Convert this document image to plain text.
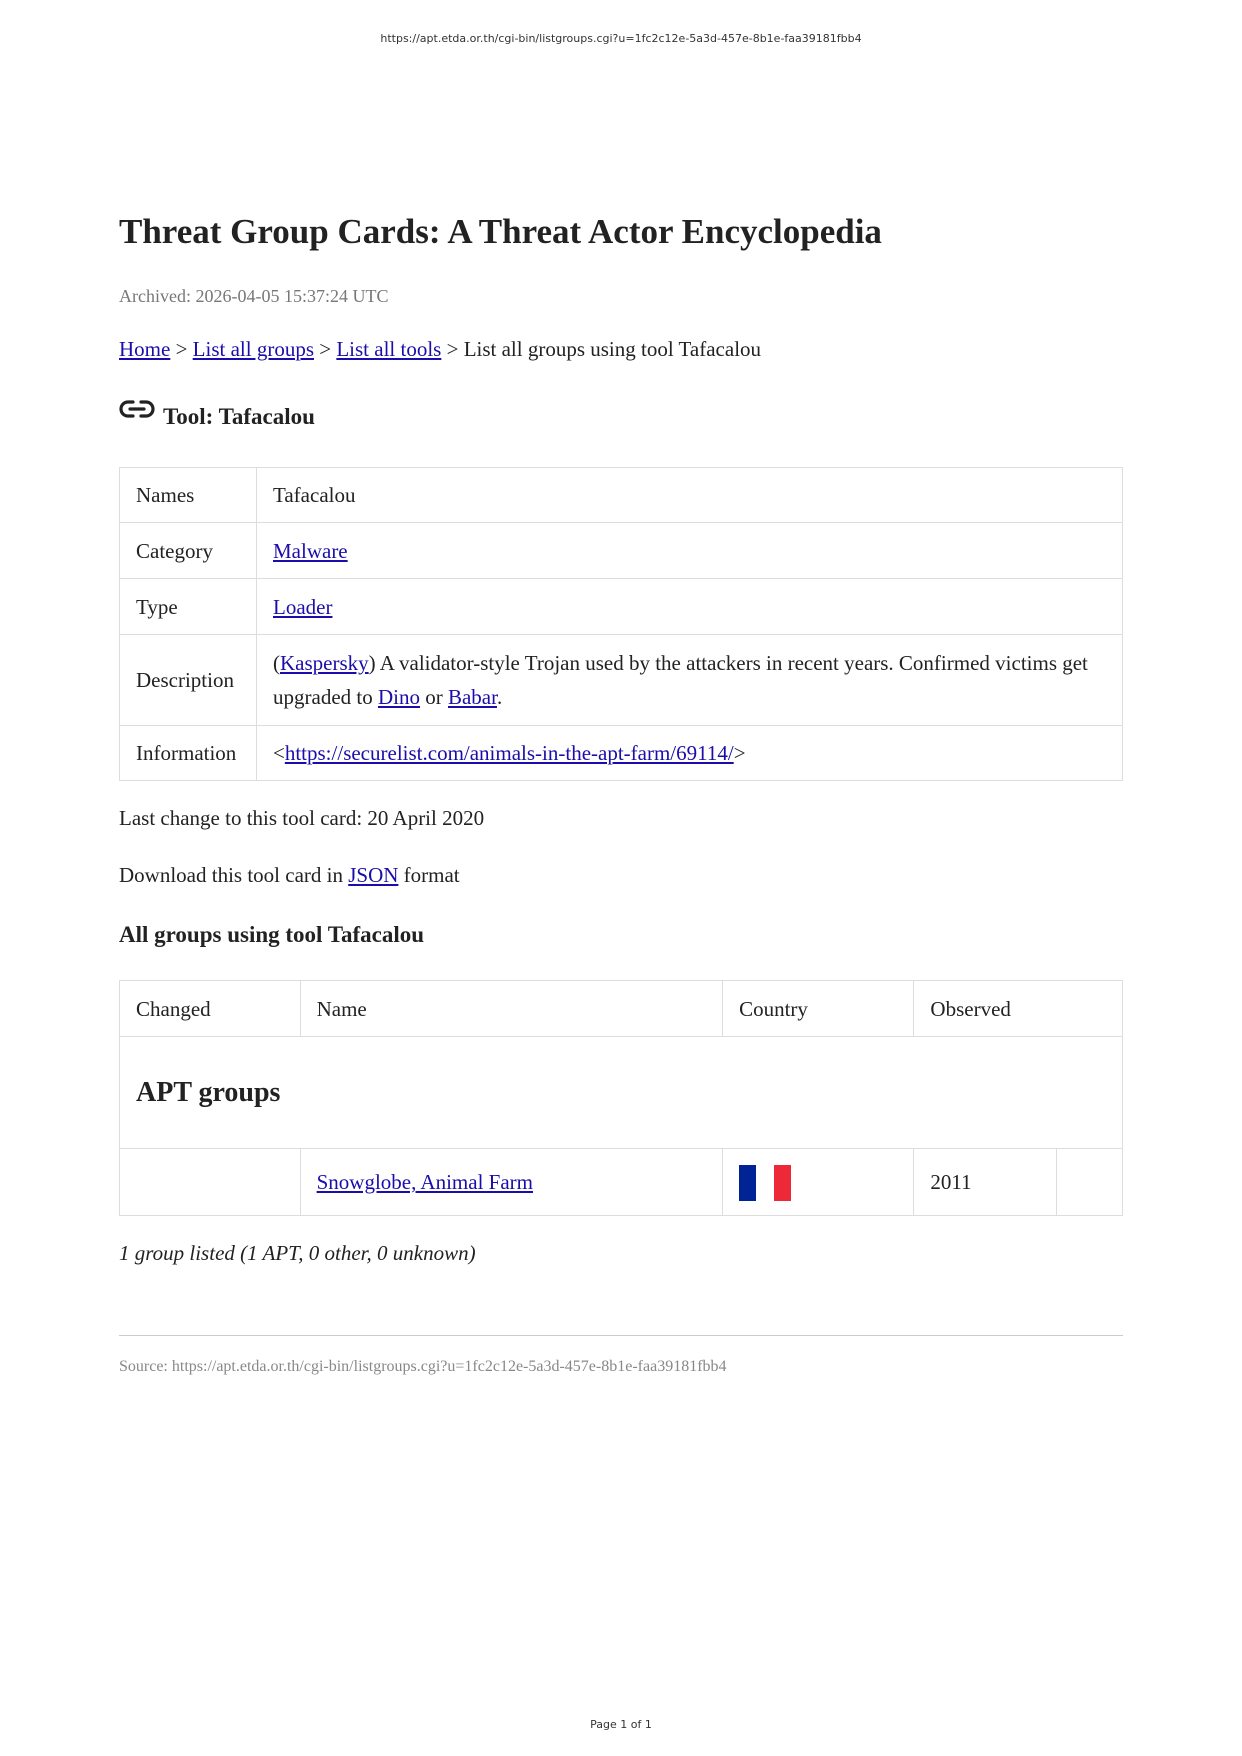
https://apt.etda.or.th/cgi-bin/listgroups.cgi?u=1fc2c12e-5a3d-457e-8b1e-faa39181fbb4
Threat Group Cards: A Threat Actor Encyclopedia
Archived: 2026-04-05 15:37:24 UTC
Home > List all groups > List all tools > List all groups using tool Tafacalou
Tool: Tafacalou
Names	Tafacalou
Category	Malware
Type	Loader
Description	(Kaspersky) A validator-style Trojan used by the attackers in recent years. Confirmed victims get upgraded to Dino or Babar.
Information	<https://securelist.com/animals-in-the-apt-farm/69114/>
Last change to this tool card: 20 April 2020
Download this tool card in JSON format
All groups using tool Tafacalou
Changed	Name	Country	Observed	
APT groups				
	Snowglobe, Animal Farm		2011	
1 group listed (1 APT, 0 other, 0 unknown)
Source: https://apt.etda.or.th/cgi-bin/listgroups.cgi?u=1fc2c12e-5a3d-457e-8b1e-faa39181fbb4
Page 1 of 1
